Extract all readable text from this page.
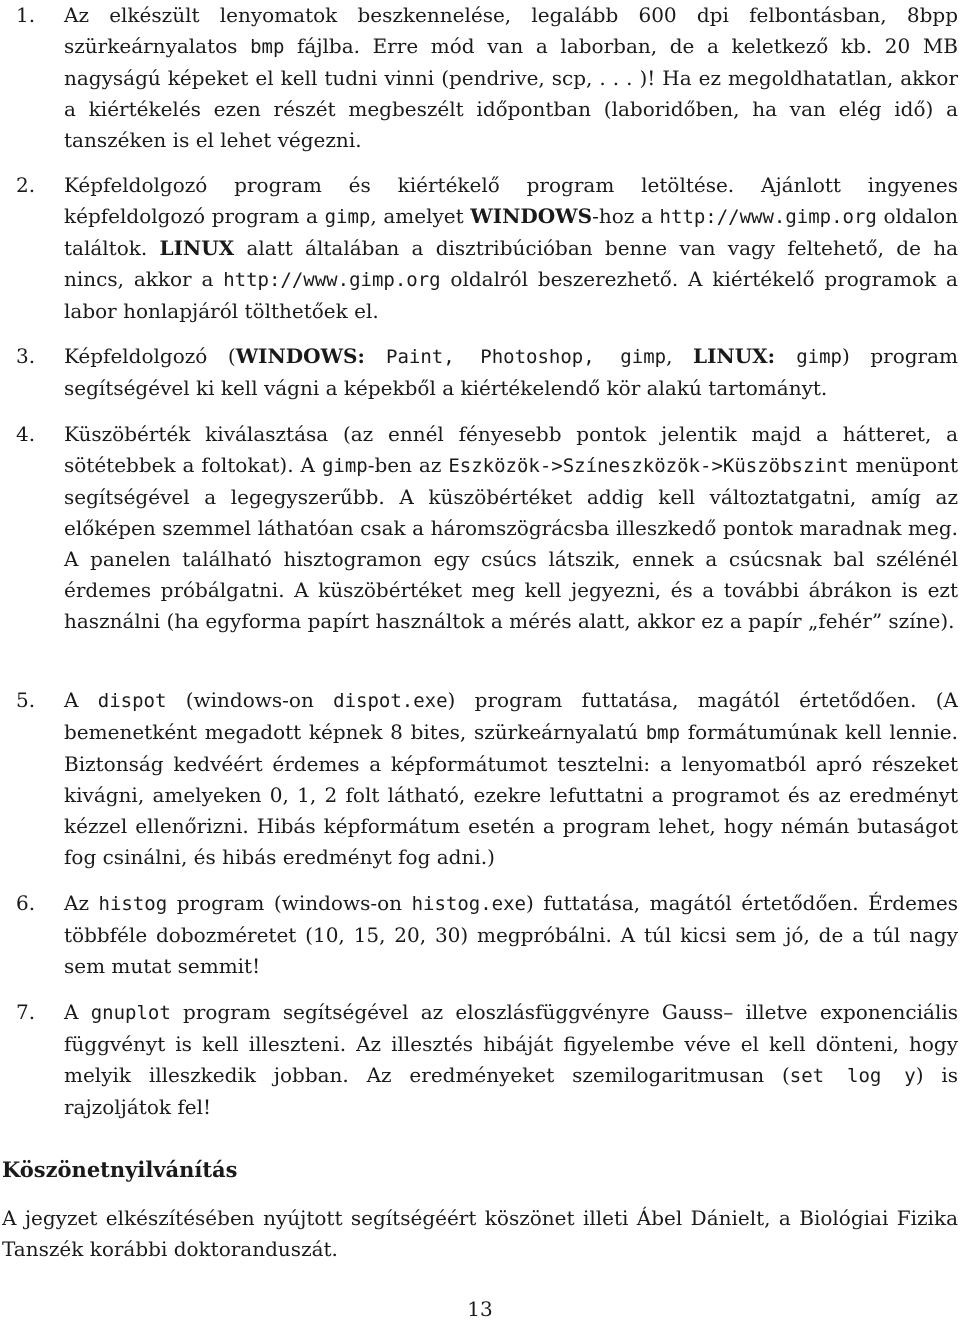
1.	Az elkészült lenyomatok beszkennelése, legalább 600 dpi felbontásban, 8bpp szürkeárnyalatos bmp fájlba. Erre mód van a laborban, de a keletkező kb. 20 MB nagyságú képeket el kell tudni vinni (pendrive, scp, . . . )! Ha ez megoldhatatlan, akkor a kiértékelés ezen részét megbeszélt időpontban (laboridőben, ha van elég idő) a tanszéken is el lehet végezni.
2.	Képfeldolgozó program és kiértékelő program letöltése. Ajánlott ingyenes képfeldolgozó program a gimp, amelyet WINDOWS-hoz a http://www.gimp.org oldalon találtok. LINUX alatt általában a disztribúcióban benne van vagy feltehető, de ha nincs, akkor a http://www.gimp.org oldalról beszerezhető. A kiértékelő programok a labor honlapjáról tölthetőek el.
3.	Képfeldolgozó (WINDOWS: Paint, Photoshop, gimp, LINUX: gimp) program segítségével ki kell vágni a képekből a kiértékelendő kör alakú tartományt.
4.	Küszöbérték kiválasztása (az ennél fényesebb pontok jelentik majd a hátteret, a sötétebbek a foltokat). A gimp-ben az Eszközök->Színeszközök->Küszöbszint menüpont segítségével a legegyszerűbb. A küszöbértéket addig kell változtatgatni, amíg az előképen szemmel láthatóan csak a háromszögrácsba illeszkedő pontok maradnak meg. A panelen található hisztogramon egy csúcs látszik, ennek a csúcsnak bal szélénél érdemes próbálgatni. A küszöbértéket meg kell jegyezni, és a további ábrákon is ezt használni (ha egyforma papírt használtok a mérés alatt, akkor ez a papír „fehér” színe).
5.	A dispot (windows-on dispot.exe) program futtatása, magától értetődően. (A bemenetként megadott képnek 8 bites, szürkeárnyalatú bmp formátumúnak kell lennie. Biztonság kedvéért érdemes a képformátumot tesztelni: a lenyomatból apró részeket kivágni, amelyeken 0, 1, 2 folt látható, ezekre lefuttatni a programot és az eredményt kézzel ellenőrizni. Hibás képformátum esetén a program lehet, hogy némán butaságot fog csinálni, és hibás eredményt fog adni.)
6.	Az histog program (windows-on histog.exe) futtatása, magától értetődően. Érdemes többféle dobozméretet (10, 15, 20, 30) megpróbálni. A túl kicsi sem jó, de a túl nagy sem mutat semmit!
7.	A gnuplot program segítségével az eloszlásfüggvényre Gauss– illetve exponenciális függvényt is kell illeszteni. Az illesztés hibáját figyelembe véve el kell dönteni, hogy melyik illeszkedik jobban. Az eredményeket szemilogaritmusan (set log y) is rajzoljátok fel!
Köszönetnyilvánítás
A jegyzet elkészítésében nyújtott segítségéért köszönet illeti Ábel Dánielt, a Biológiai Fizika Tanszék korábbi doktoranduszát.
13
